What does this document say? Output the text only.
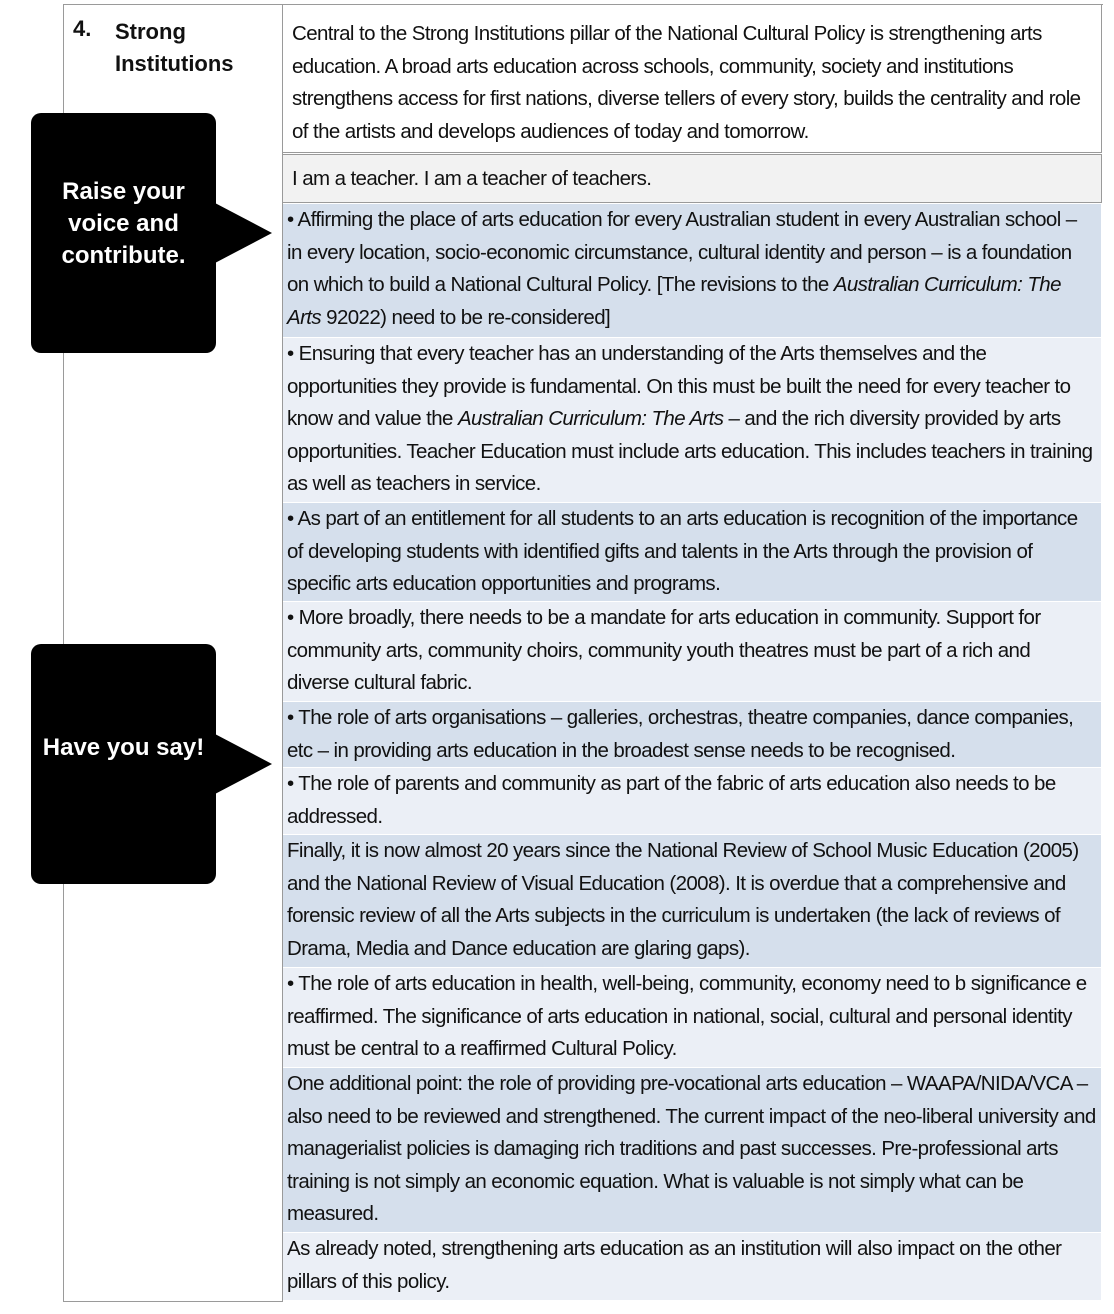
4. Strong Institutions
Central to the Strong Institutions pillar of the National Cultural Policy is strengthening arts education. A broad arts education across schools, community, society and institutions strengthens access for first nations, diverse tellers of every story, builds the centrality and role of the artists and develops audiences of today and tomorrow.
I am a teacher. I am a teacher of teachers.
• Affirming the place of arts education for every Australian student in every Australian school – in every location, socio-economic circumstance, cultural identity and person – is a foundation on which to build a National Cultural Policy. [The revisions to the Australian Curriculum: The Arts 92022) need to be re-considered]
• Ensuring that every teacher has an understanding of the Arts themselves and the opportunities they provide is fundamental. On this must be built the need for every teacher to know and value the Australian Curriculum: The Arts – and the rich diversity provided by arts opportunities. Teacher Education must include arts education. This includes teachers in training as well as teachers in service.
• As part of an entitlement for all students to an arts education is recognition of the importance of developing students with identified gifts and talents in the Arts through the provision of specific arts education opportunities and programs.
• More broadly, there needs to be a mandate for arts education in community. Support for community arts, community choirs, community youth theatres must be part of a rich and diverse cultural fabric.
• The role of arts organisations – galleries, orchestras, theatre companies, dance companies, etc – in providing arts education in the broadest sense needs to be recognised.
• The role of parents and community as part of the fabric of arts education also needs to be addressed.
Finally, it is now almost 20 years since the National Review of School Music Education (2005) and the National Review of Visual Education (2008). It is overdue that a comprehensive and forensic review of all the Arts subjects in the curriculum is undertaken (the lack of reviews of Drama, Media and Dance education are glaring gaps).
• The role of arts education in health, well-being, community, economy need to b significance e reaffirmed. The significance of arts education in national, social, cultural and personal identity must be central to a reaffirmed Cultural Policy.
One additional point: the role of providing pre-vocational arts education – WAAPA/NIDA/VCA – also need to be reviewed and strengthened. The current impact of the neo-liberal university and managerialist policies is damaging rich traditions and past successes. Pre-professional arts training is not simply an economic equation. What is valuable is not simply what can be measured.
As already noted, strengthening arts education as an institution will also impact on the other pillars of this policy.
Raise your voice and contribute.
Have you say!
